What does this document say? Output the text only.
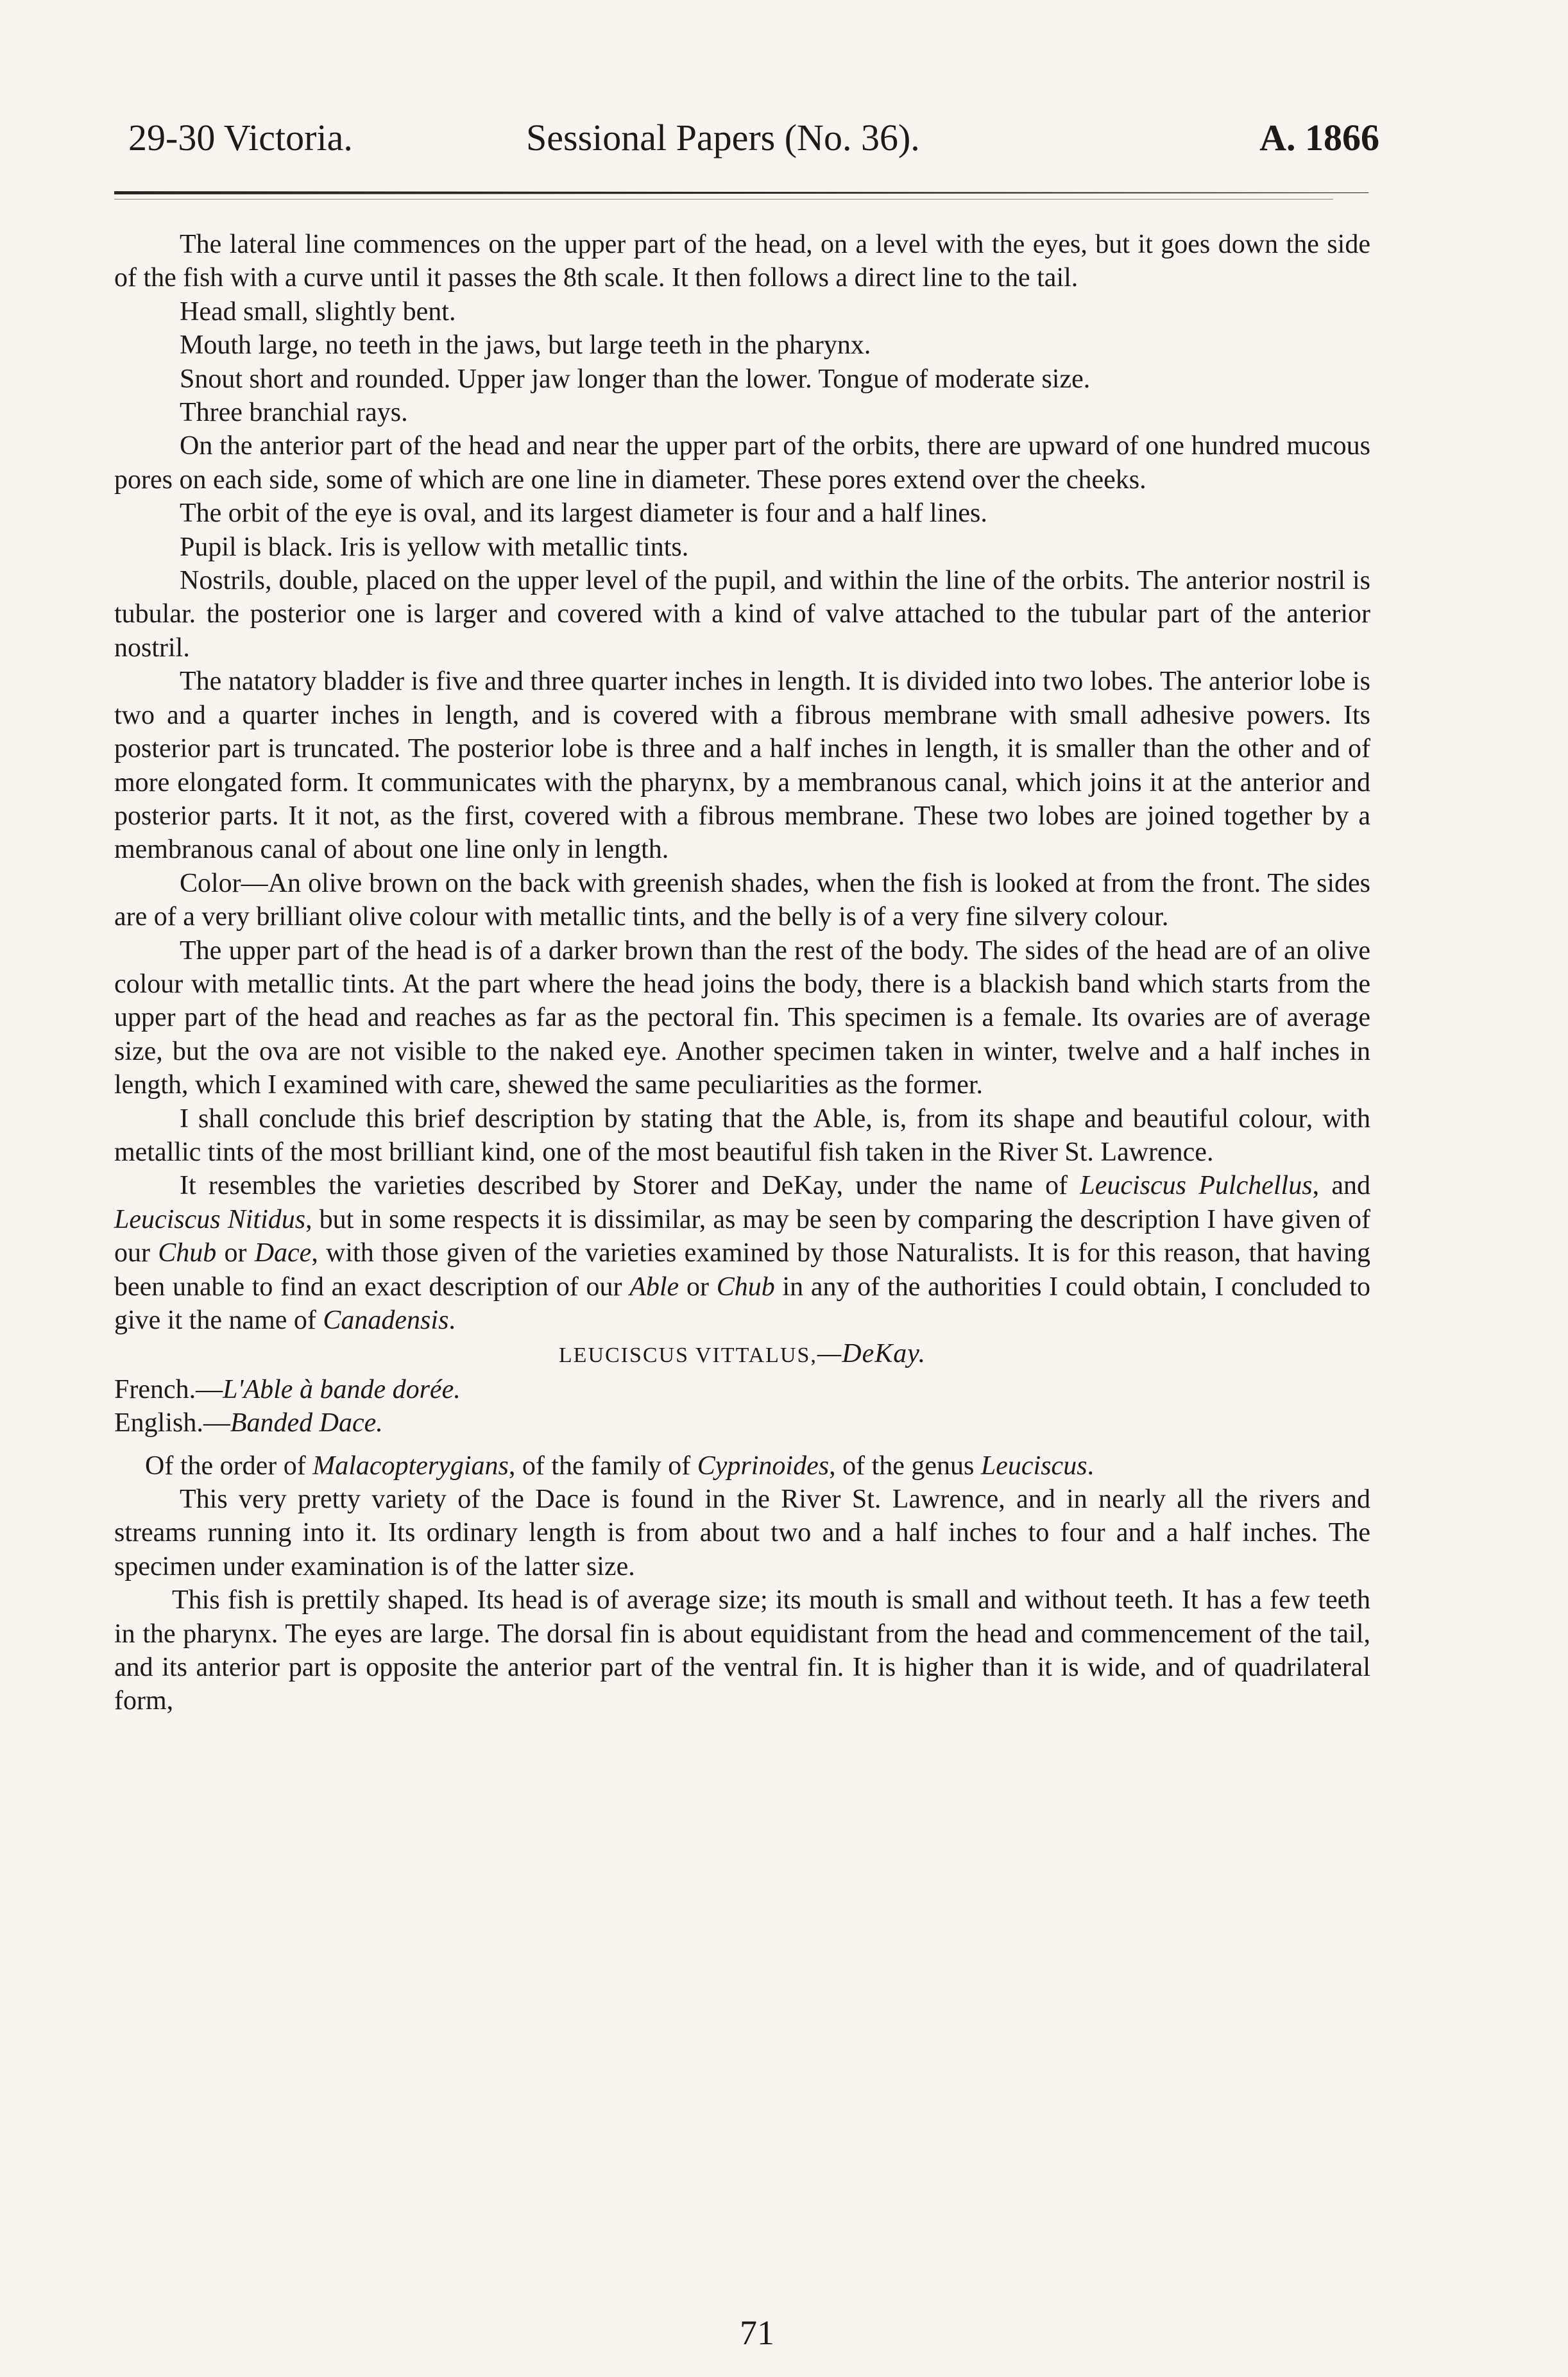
29-30 Victoria.	Sessional Papers (No. 36).	A. 1866

The lateral line commences on the upper part of the head, on a level with the eyes, but it goes down the side of the fish with a curve until it passes the 8th scale. It then follows a direct line to the tail.

Head small, slightly bent.

Mouth large, no teeth in the jaws, but large teeth in the pharynx.

Snout short and rounded. Upper jaw longer than the lower. Tongue of moderate size.

Three branchial rays.

On the anterior part of the head and near the upper part of the orbits, there are upward of one hundred mucous pores on each side, some of which are one line in diameter. These pores extend over the cheeks.

The orbit of the eye is oval, and its largest diameter is four and a half lines.

Pupil is black. Iris is yellow with metallic tints.

Nostrils, double, placed on the upper level of the pupil, and within the line of the orbits. The anterior nostril is tubular. the posterior one is larger and covered with a kind of valve attached to the tubular part of the anterior nostril.

The natatory bladder is five and three quarter inches in length. It is divided into two lobes. The anterior lobe is two and a quarter inches in length, and is covered with a fibrous membrane with small adhesive powers. Its posterior part is truncated. The posterior lobe is three and a half inches in length, it is smaller than the other and of more elongated form. It communicates with the pharynx, by a membranous canal, which joins it at the anterior and posterior parts. It it not, as the first, covered with a fibrous membrane. These two lobes are joined together by a membranous canal of about one line only in length.

Color—An olive brown on the back with greenish shades, when the fish is looked at from the front. The sides are of a very brilliant olive colour with metallic tints, and the belly is of a very fine silvery colour.

The upper part of the head is of a darker brown than the rest of the body. The sides of the head are of an olive colour with metallic tints. At the part where the head joins the body, there is a blackish band which starts from the upper part of the head and reaches as far as the pectoral fin. This specimen is a female. Its ovaries are of average size, but the ova are not visible to the naked eye. Another specimen taken in winter, twelve and a half inches in length, which I examined with care, shewed the same peculiarities as the former.

I shall conclude this brief description by stating that the Able, is, from its shape and beautiful colour, with metallic tints of the most brilliant kind, one of the most beautiful fish taken in the River St. Lawrence.

It resembles the varieties described by Storer and DeKay, under the name of Leuciscus Pulchellus, and Leuciscus Nitidus, but in some respects it is dissimilar, as may be seen by comparing the description I have given of our Chub or Dace, with those given of the varieties examined by those Naturalists. It is for this reason, that having been unable to find an exact description of our Able or Chub in any of the authorities I could obtain, I concluded to give it the name of Canadensis.

LEUCISCUS VITTALUS,—DeKay.

French.—L'Able à bande dorée.

English.—Banded Dace.

Of the order of Malacopterygians, of the family of Cyprinoides, of the genus Leuciscus.

This very pretty variety of the Dace is found in the River St. Lawrence, and in nearly all the rivers and streams running into it. Its ordinary length is from about two and a half inches to four and a half inches. The specimen under examination is of the latter size.

This fish is prettily shaped. Its head is of average size; its mouth is small and without teeth. It has a few teeth in the pharynx. The eyes are large. The dorsal fin is about equidistant from the head and commencement of the tail, and its anterior part is opposite the anterior part of the ventral fin. It is higher than it is wide, and of quadrilateral form,

71
